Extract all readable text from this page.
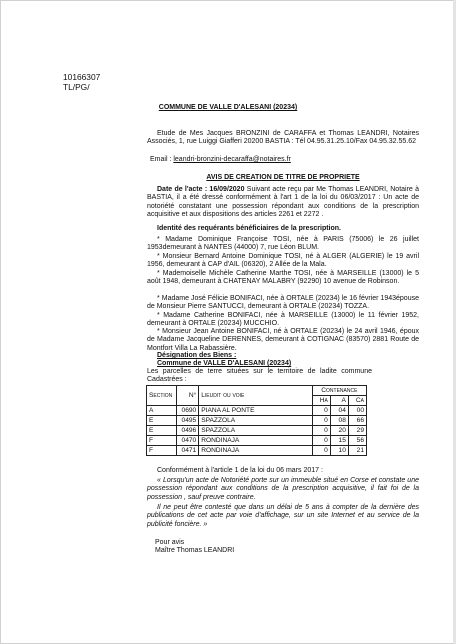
10166307
TL/PG/
COMMUNE DE VALLE D'ALESANI (20234)
Etude de Mes Jacques BRONZINI de CARAFFA et Thomas LEANDRI, Notaires Associés, 1, rue Luiggi Giafferi 20200 BASTIA : Tél 04.95.31.25.10/Fax 04.95.32.55.62
Email : leandri-bronzini-decaraffa@notaires.fr
AVIS DE CREATION DE TITRE DE PROPRIETE
Date de l'acte : 16/09/2020 Suivant acte reçu par Me Thomas LEANDRI, Notaire à BASTIA, il a été dressé conformément à l'art 1 de la loi du 06/03/2017 : Un acte de notoriété constatant une possession répondant aux conditions de la prescription acquisitive et aux dispositions des articles 2261 et 2272 .
Identité des requérants bénéficiaires de la prescription.
* Madame Dominique Françoise TOSI, née à PARIS (75006) le 26 juillet 1953demeurant à NANTES (44000) 7, rue Léon BLUM.
* Monsieur Bernard Antoine Dominique TOSI, né à ALGER (ALGERIE) le 19 avril 1956, demeurant à CAP d'AIL (06320), 2 Allée de la Mala.
* Mademoiselle Michèle Catherine Marthe TOSI, née à MARSEILLE (13000) le 5 août 1948, demeurant à CHATENAY MALABRY (92290) 10 avenue de Robinson.
* Madame José Félicie BONIFACI, née à ORTALE (20234) le 16 février 1943épouse de Monsieur Pierre SANTUCCI, demeurant à ORTALE (20234) TOZZA.
* Madame Catherine BONIFACI, née à MARSEILLE (13000) le 11 février 1952, demeurant à ORTALE (20234) MUCCHIO.
* Monsieur Jean Antoine BONIFACI, né à ORTALE (20234) le 24 avril 1946, époux de Madame Jacqueline DERENNES, demeurant à COTIGNAC (83570) 2881 Route de Montfort Villa La Rabassière.
Désignation des Biens :
Commune de VALLE D'ALESANI (20234)
Les parcelles de terre situées sur le territoire de ladite commune Cadastrées :
Section	N°	Lieudit ou voie	Contenance		
			Ha	A	Ca
A	0690	PIANA AL PONTE	0	04	00
E	0495	SPAZZOLA	0	08	66
E	0496	SPAZZOLA	0	20	29
F	0470	RONDINAJA	0	15	56
F	0471	RONDINAJA	0	10	21
Conformément à l'article 1 de la loi du 06 mars 2017 :
« Lorsqu'un acte de Notoriété porte sur un immeuble situé en Corse et constate une possession répondant aux conditions de la prescription acquisitive, il fait foi de la possession , sauf preuve contraire.
Il ne peut être contesté que dans un délai de 5 ans à compter de la dernière des publications de cet acte par voie d'affichage, sur un site Internet et au service de la publicité foncière. »
Pour avis
Maître Thomas LEANDRI
